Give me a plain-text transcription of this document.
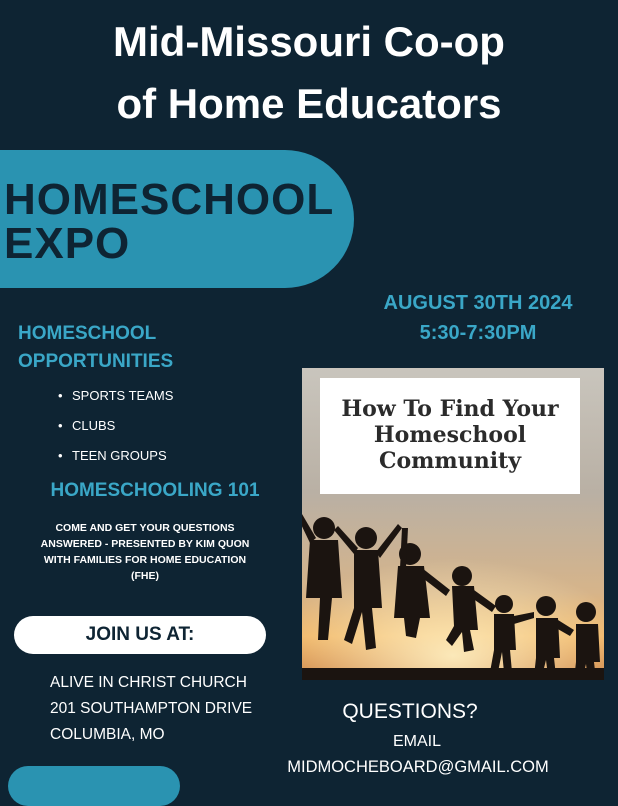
Mid-Missouri Co-op
of Home Educators
HOMESCHOOL
EXPO
AUGUST 30TH 2024
5:30-7:30PM
HOMESCHOOL
OPPORTUNITIES
• SPORTS TEAMS
• CLUBS
• TEEN GROUPS
HOMESCHOOLING 101
COME AND GET YOUR QUESTIONS
ANSWERED - PRESENTED BY KIM QUON
WITH FAMILIES FOR HOME EDUCATION
(FHE)
JOIN US AT:
ALIVE IN CHRIST CHURCH
201 SOUTHAMPTON DRIVE
COLUMBIA, MO
How To Find Your
Homeschool
Community
QUESTIONS?
EMAIL
MIDMOCHEBOARD@GMAIL.COM
